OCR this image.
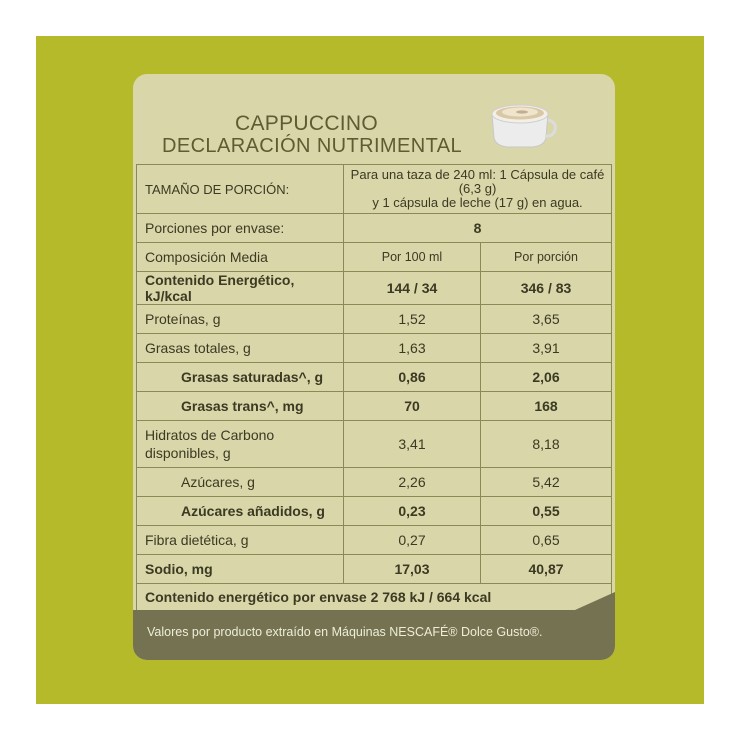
CAPPUCCINO
DECLARACIÓN NUTRIMENTAL
TAMAÑO DE PORCIÓN:	Para una taza de 240 ml: 1 Cápsula de café (6,3 g)
y 1 cápsula de leche (17 g) en agua.	
Porciones por envase:	8	
Composición Media	Por 100 ml	Por porción
Contenido Energético, kJ/kcal	144 / 34	346 / 83
Proteínas, g	1,52	3,65
Grasas totales, g	1,63	3,91
Grasas saturadas^, g	0,86	2,06
Grasas trans^, mg	70	168
Hidratos de Carbono
disponibles, g	3,41	8,18
Azúcares, g	2,26	5,42
Azúcares añadidos, g	0,23	0,55
Fibra dietética, g	0,27	0,65
Sodio, mg	17,03	40,87
Contenido energético por envase 2 768 kJ / 664 kcal		

Valores por producto extraído en Máquinas NESCAFÉ® Dolce Gusto®.
